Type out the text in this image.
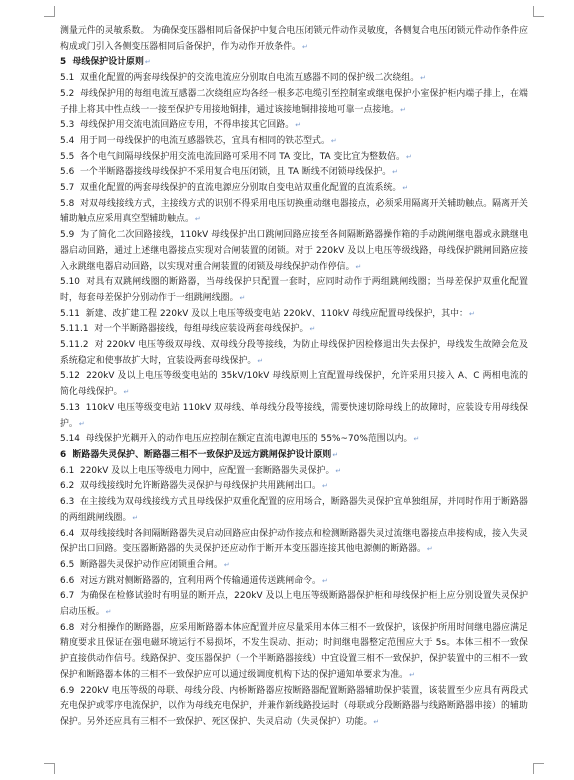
测量元件的灵敏系数。 为确保变压器相同后备保护中复合电压闭锁元件动作灵敏度，各侧复合电压闭锁元件动作条件应构成或门引入各侧变压器相同后备保护，作为动作开放条件。 ↵

5  母线保护设计原则 ↵

5.1  双重化配置的两套母线保护的交流电流应分别取自电流互感器不同的保护级二次绕组。 ↵

5.2  母线保护用的每组电流互感器二次绕组应均各经一根多芯电缆引至控制室或继电保护小室保护柜内端子排上，在端子排上将其中性点线一一接至保护专用接地铜排，通过该接地铜排接地可靠一点接地。 ↵

5.3  母线保护用交流电流回路应专用，不得串接其它回路。 ↵

5.4  用于同一母线保护的电流互感器铁芯，宜具有相同的铁芯型式。 ↵

5.5  各个电气间隔母线保护用交流电流回路可采用不同 TA 变比，TA 变比宜为整数倍。 ↵

5.6  一个半断路器接线母线保护不采用复合电压闭锁，且 TA 断线不闭锁母线保护。 ↵

5.7  双重化配置的两套母线保护的直流电源应分别取自变电站双重化配置的直流系统。 ↵

5.8  对双母线接线方式，主接线方式的识别不得采用电压切换重动继电器接点，必须采用隔离开关辅助触点。隔离开关辅助触点应采用真空型辅助触点。 ↵

5.9  为了简化二次回路接线，110kV 母线保护出口跳闸回路应接至各间隔断路器操作箱的手动跳闸继电器或永跳继电器启动回路，通过上述继电器接点实现对合闸装置的闭锁。对于 220kV 及以上电压等级线路，母线保护跳闸回路应接入永跳继电器启动回路，以实现对重合闸装置的闭锁及母线保护动作停信。 ↵

5.10  对具有双跳闸线圈的断路器，当母线保护只配置一套时，应同时动作于两组跳闸线圈；当母差保护双重化配置时，每套母差保护分别动作于一组跳闸线圈。 ↵

5.11  新建、改扩建工程 220kV 及以上电压等级变电站 220kV、110kV 母线应配置母线保护，其中： ↵

5.11.1  对一个半断路器接线，每组母线应装设两套母线保护。 ↵

5.11.2  对 220kV 电压等级双母线、双母线分段等接线，为防止母线保护因检修退出失去保护，母线发生故障会危及系统稳定和使事故扩大时，宜装设两套母线保护。 ↵

5.12  220kV 及以上电压等级变电站的 35kV/10kV 母线原则上宜配置母线保护，允许采用只接入 A、C 两相电流的简化母线保护。 ↵

5.13  110kV 电压等级变电站 110kV 双母线、单母线分段等接线，需要快速切除母线上的故障时，应装设专用母线保护。 ↵

5.14  母线保护光耦开入的动作电压应控制在额定直流电源电压的 55%~70%范围以内。 ↵

6  断路器失灵保护、断路器三相不一致保护及远方跳闸保护设计原则 ↵

6.1  220kV 及以上电压等级电力网中，应配置一套断路器失灵保护。 ↵

6.2  双母线接线时允许断路器失灵保护与母线保护共用跳闸出口。 ↵

6.3  在主接线为双母线接线方式且母线保护双重化配置的应用场合，断路器失灵保护宜单独组屏，并同时作用于断路器的两组跳闸线圈。 ↵

6.4  双母线接线时各间隔断路器失灵启动回路应由保护动作接点和检测断路器失灵过流继电器接点串接构成，接入失灵保护出口回路。变压器断路器的失灵保护还应动作于断开本变压器连接其他电源侧的断路器。 ↵

6.5  断路器失灵保护动作应闭锁重合闸。 ↵

6.6  对远方跳对侧断路器的，宜利用两个传输通道传送跳闸命令。 ↵

6.7  为确保在检修试验时有明显的断开点，220kV 及以上电压等级断路器保护柜和母线保护柜上应分别设置失灵保护启动压板。 ↵

6.8  对分相操作的断路器，应采用断路器本体应配置并应尽量采用本体三相不一致保护，该保护所用时间继电器应满足精度要求且保证在强电磁环境运行不易损坏，不发生误动、拒动；时间继电器整定范围应大于 5s。本体三相不一致保护直接供动作信号。线路保护、变压器保护（一个半断路器接线）中宜设置三相不一致保护，保护装置中的三相不一致保护和断路器本体的三相不一致保护应可以通过级调度机构下达的保护通知单要求为准。 ↵

6.9  220kV 电压等级的母联、母线分段、内桥断路器应按断路器配置断路器辅助保护装置，该装置至少应具有两段式充电保护或零序电流保护，以作为母线充电保护，并兼作新线路投运时（母联或分段断路器与线路断路器串接）的辅助保护。另外还应具有三相不一致保护、死区保护、失灵启动（失灵保护）功能。 ↵
